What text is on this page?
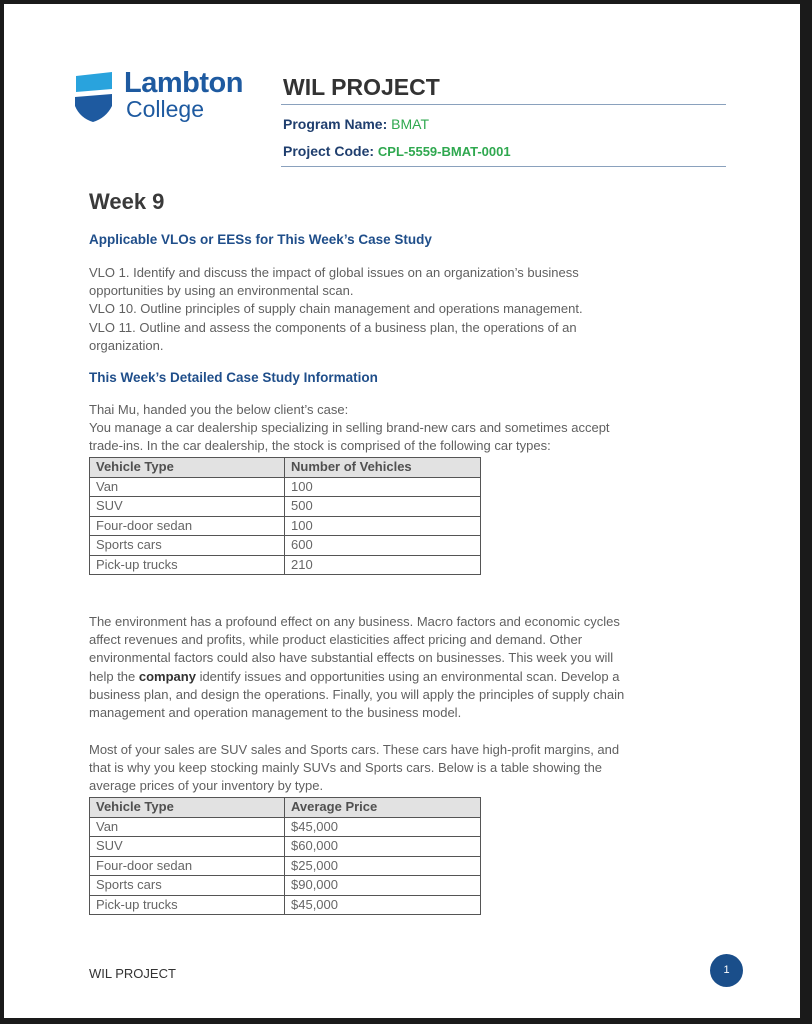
Lambton
College
WIL PROJECT
Program Name: BMAT
Project Code: CPL-5559-BMAT-0001
Week 9
Applicable VLOs or EESs for This Week’s Case Study
VLO 1. Identify and discuss the impact of global issues on an organization’s business
opportunities by using an environmental scan.
VLO 10. Outline principles of supply chain management and operations management.
VLO 11. Outline and assess the components of a business plan, the operations of an
organization.
This Week’s Detailed Case Study Information
Thai Mu, handed you the below client’s case:
You manage a car dealership specializing in selling brand-new cars and sometimes accept
trade-ins. In the car dealership, the stock is comprised of the following car types:
Vehicle Type	Number of Vehicles
Van	100
SUV	500
Four-door sedan	100
Sports cars	600
Pick-up trucks	210
The environment has a profound effect on any business. Macro factors and economic cycles
affect revenues and profits, while product elasticities affect pricing and demand. Other
environmental factors could also have substantial effects on businesses. This week you will
help the company identify issues and opportunities using an environmental scan. Develop a
business plan, and design the operations. Finally, you will apply the principles of supply chain
management and operation management to the business model.
Most of your sales are SUV sales and Sports cars. These cars have high-profit margins, and
that is why you keep stocking mainly SUVs and Sports cars. Below is a table showing the
average prices of your inventory by type.
Vehicle Type	Average Price
Van	$45,000
SUV	$60,000
Four-door sedan	$25,000
Sports cars	$90,000
Pick-up trucks	$45,000
WIL PROJECT	1
